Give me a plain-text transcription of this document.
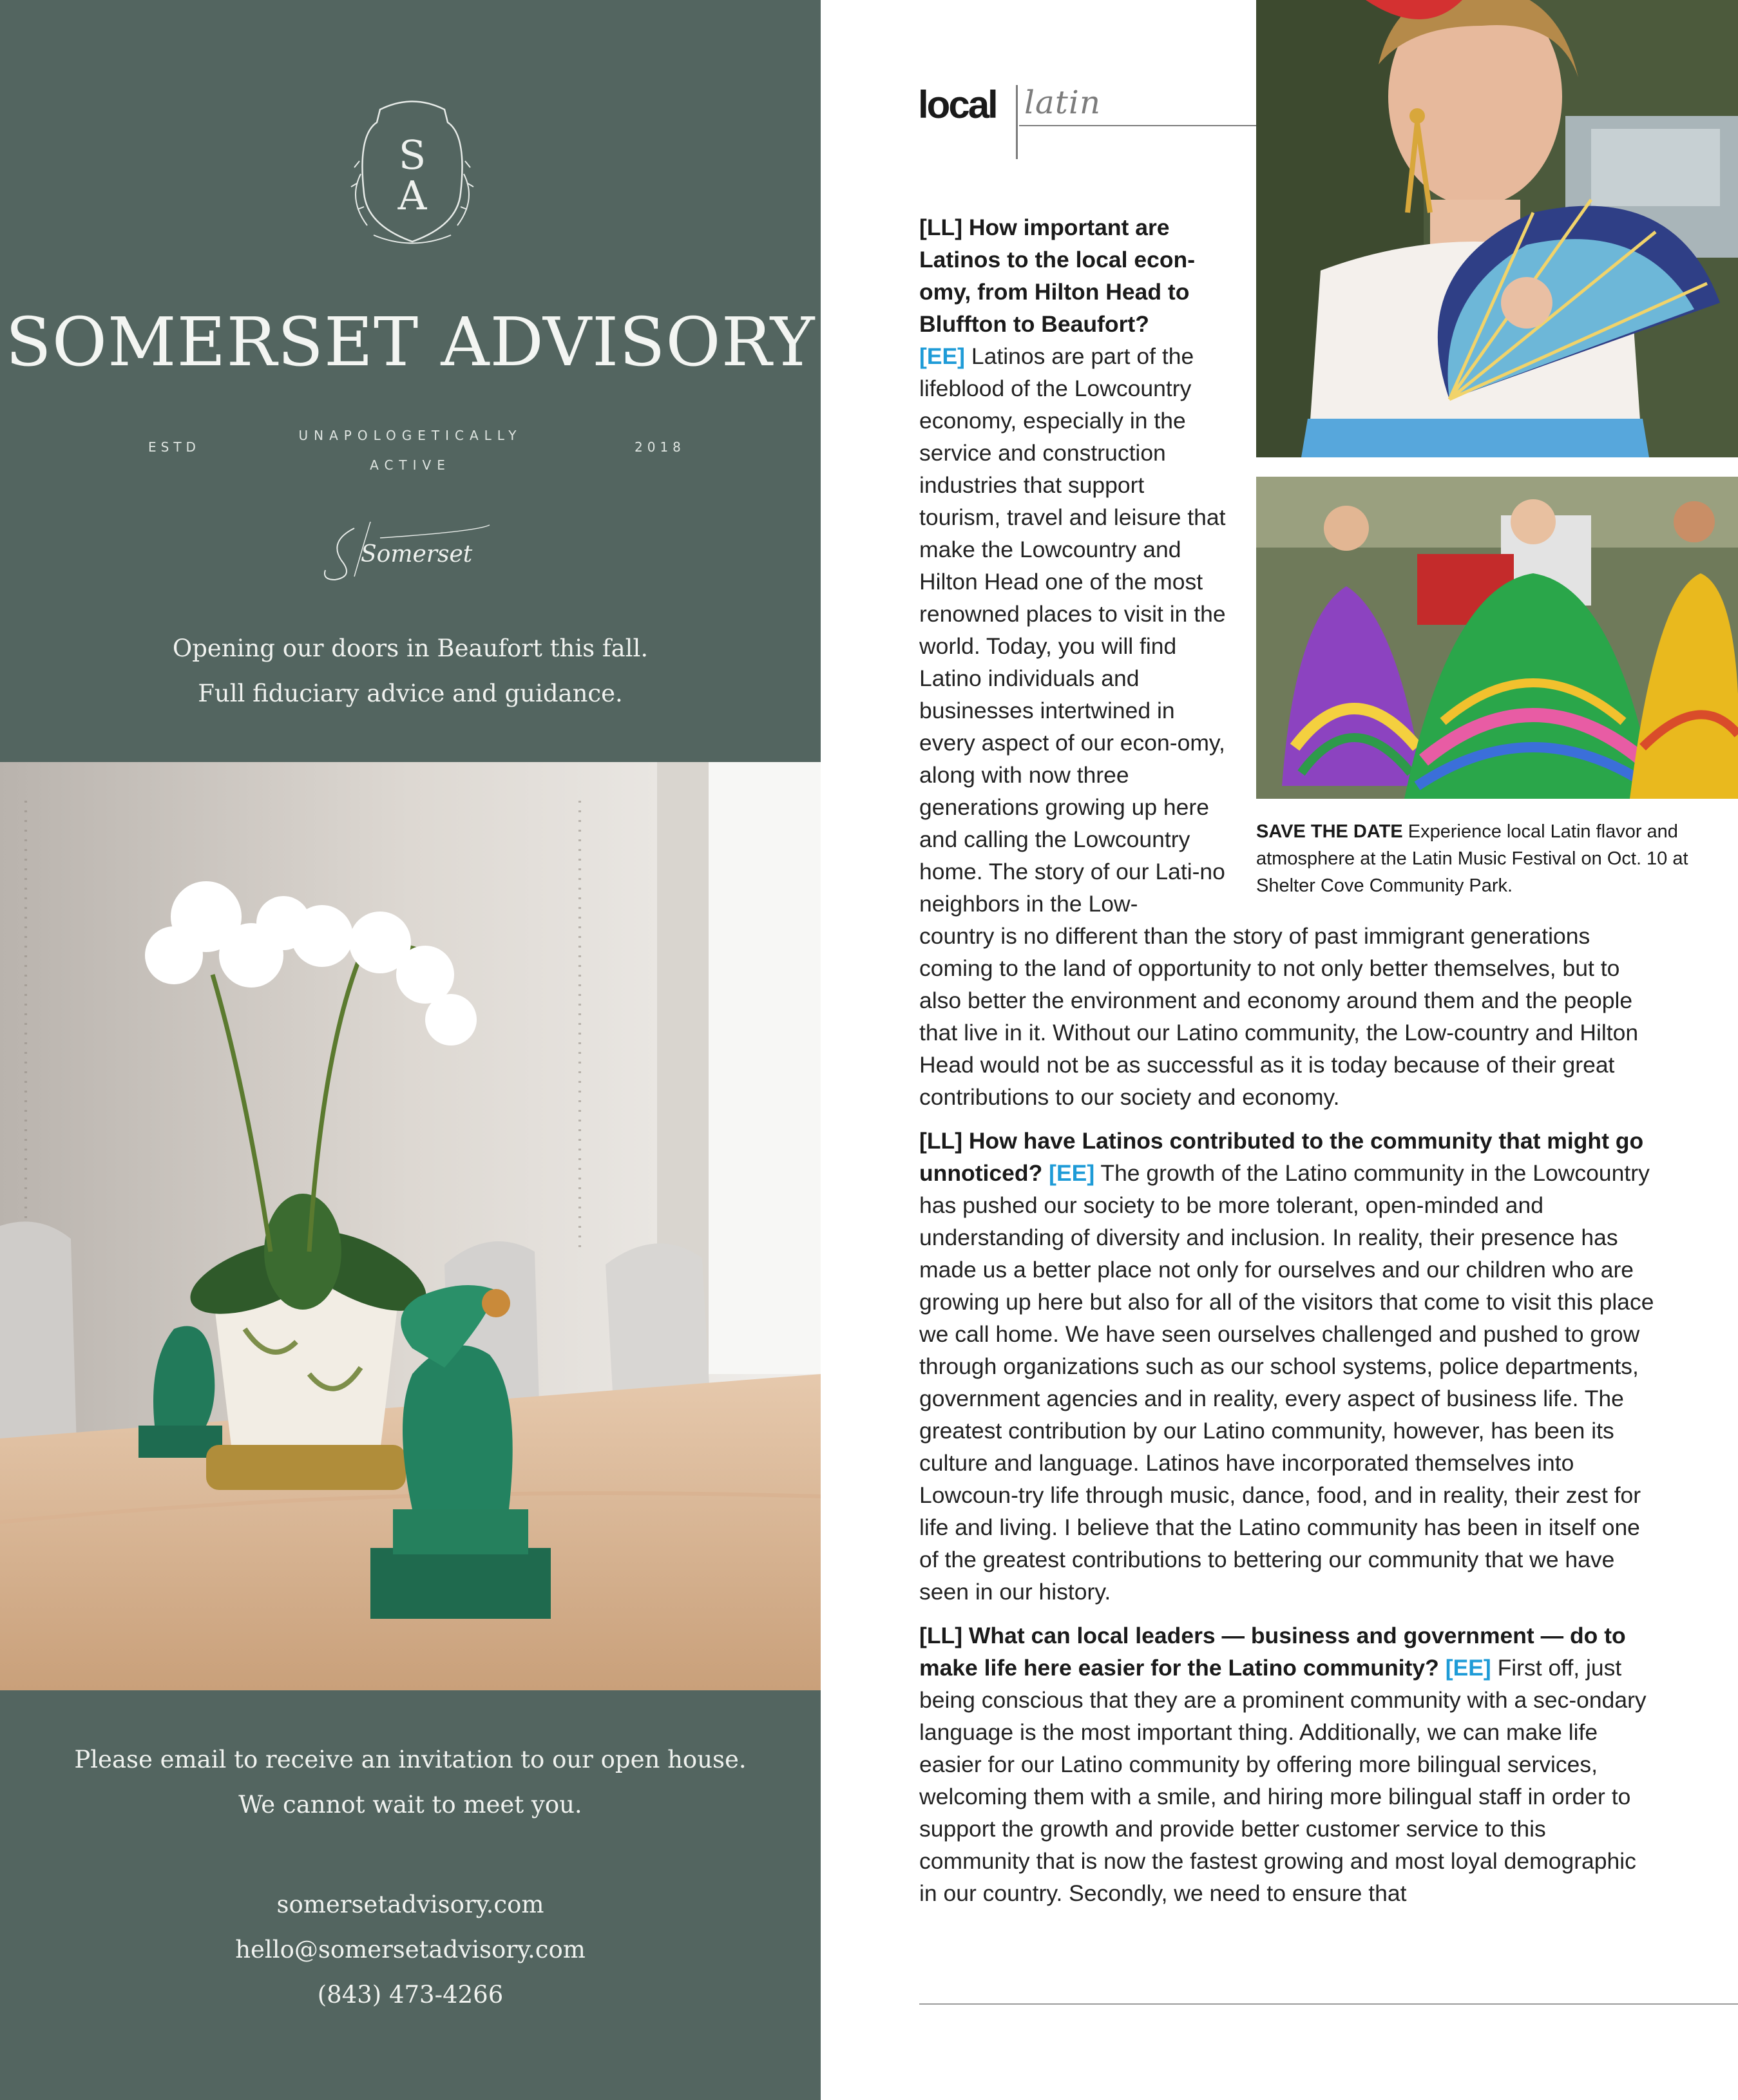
S
A
SOMERSET ADVISORY
ESTD
UNAPOLOGETICALLY
ACTIVE
2018
Somerset
Opening our doors in Beaufort this fall.
Full fiduciary advice and guidance.
Please email to receive an invitation to our open house.
We cannot wait to meet you.
somersetadvisory.com
hello@somersetadvisory.com
(843) 473-4266
local latin
SAVE THE DATE Experience local Latin flavor and atmosphere at the Latin Music Festival on Oct. 10 at Shelter Cove Community Park.
[LL] How important are Latinos to the local econ-omy, from Hilton Head to Bluffton to Beaufort?
[EE] Latinos are part of the lifeblood of the Lowcountry economy, especially in the service and construction industries that support tourism, travel and leisure that make the Lowcountry and Hilton Head one of the most renowned places to visit in the world. Today, you will find Latino individuals and businesses intertwined in every aspect of our econ-omy, along with now three generations growing up here and calling the Lowcountry home. The story of our Lati-no neighbors in the Low-

country is no different than the story of past immigrant generations coming to the land of opportunity to not only better themselves, but to also better the environment and economy around them and the people that live in it. Without our Latino community, the Low-country and Hilton Head would not be as successful as it is today because of their great contributions to our society and economy.

[LL] How have Latinos contributed to the community that might go unnoticed? [EE] The growth of the Latino community in the Lowcountry has pushed our society to be more tolerant, open-minded and understanding of diversity and inclusion. In reality, their presence has made us a better place not only for ourselves and our children who are growing up here but also for all of the visitors that come to visit this place we call home. We have seen ourselves challenged and pushed to grow through organizations such as our school systems, police departments, government agencies and in reality, every aspect of business life. The greatest contribution by our Latino community, however, has been its culture and language. Latinos have incorporated themselves into Lowcoun-try life through music, dance, food, and in reality, their zest for life and living. I believe that the Latino community has been in itself one of the greatest contributions to bettering our community that we have seen in our history.

[LL] What can local leaders — business and government — do to make life here easier for the Latino community? [EE] First off, just being conscious that they are a prominent community with a sec-ondary language is the most important thing. Additionally, we can make life easier for our Latino community by offering more bilingual services, welcoming them with a smile, and hiring more bilingual staff in order to support the growth and provide better customer service to this community that is now the fastest growing and most loyal demographic in our country. Secondly, we need to ensure that
